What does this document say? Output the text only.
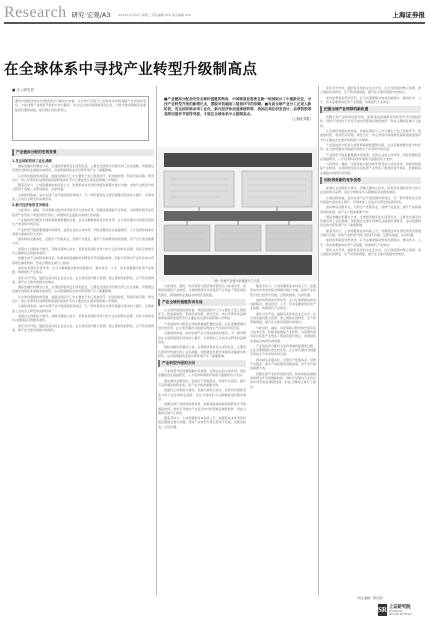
Research 研究·宏观/A3	2012年4月24日 星期二 责任编辑 XXX 美术编辑 XXX	上海证券报
在全球体系中寻找产业转型升级制高点
■ 文 / 研究员

要把中国经济放在世界经济的大格局中来看，从全球产业链分工的视角来审视我国产业结构的变化，才能找准产业转型升级的方向与路径。本文从全球价值链的演变出发，分析当前我国制造业面临的机遇和挑战，提出相应的政策建议。

■产业链再分配会改变全球价值链的格局，中国制造业需要在新一轮国际分工中重新定位，寻找产业转型升级的新增长点，摆脱对低端加工组装环节的依赖。■当前全球产业分工正进入新阶段，发达国家推动再工业化，新兴经济体加速承接转移，我国必须在研发设计、品牌营销等高附加值环节取得突破，才能在全球体系中占据制高点。

（上海证券报）

产业链再分配的宏观背景
1.发达国家的再工业化战略

国际金融危机爆发以来，全球经济格局发生深刻变化，主要发达国家纷纷提出再工业化战略，试图通过发展先进制造业重振实体经济，这对我国制造业的外部环境产生了重要影响。

从全球价值链的角度看，我国在国际分工中主要处于加工组装环节，附加值较低，利润空间有限。研发设计、核心零部件和品牌营销等高附加值环节仍主要由发达国家的跨国公司掌控。

随着劳动力、土地等要素成本持续上升，依靠低成本优势的传统发展模式难以为继，加快产业转型升级已经刻不容缓，这既是挑战，也是机遇。

从国际经验看，成功实现产业升级的国家和地区，无一例外都是在全球价值链中逐步向上攀升，从简单加工走向自主研发和品牌创造。

2.新兴经济体的竞争格局

与此同时，越南、印度等新兴经济体凭借劳动力成本优势，积极承接国际产业转移，对我国传统劳动密集型产业形成了明显的替代效应，我国制造业面临双向挤压的局面。

产业链的再分配是全球资源重新配置的过程，企业需要根据自身比较优势，在全球范围内寻找最有利的生产布局和市场空间。

产业转型升级需要遵循市场规律，发挥企业的主体作用，同时需要政府在基础研究、人才培养和制度环境等方面提供有力支持。

推动制造业服务化，发展生产性服务业，延伸产业链条，提升产品和服务的附加值，是产业升级的重要方向。

加强自主创新能力建设，突破关键核心技术，培育具有国际竞争力的大企业和知名品牌，是在全球体系中占据制高点的根本途径。

把握全球产业转移的新趋势，积极承接高端制造和研发环节的国际转移，同时引导国内产业有序向中西部地区梯度转移，形成合理的区域分工格局。

加快培育新的竞争优势，应当从要素驱动转向创新驱动，推动技术、人才、资本等要素向优势产业集聚，构建现代产业体系。

深化对外开放，鼓励有条件的企业走出去，在全球范围内整合资源，建立国际化的研发、生产和营销网络，提升在全球价值链中的地位。

国际金融危机爆发以来，全球经济格局发生深刻变化，主要发达国家纷纷提出再工业化战略，试图通过发展先进制造业重振实体经济，这对我国制造业的外部环境产生了重要影响。

从全球价值链的角度看，我国在国际分工中主要处于加工组装环节，附加值较低，利润空间有限。研发设计、核心零部件和品牌营销等高附加值环节仍主要由发达国家的跨国公司掌控。

从国际经验看，成功实现产业升级的国家和地区，无一例外都是在全球价值链中逐步向上攀升，从简单加工走向自主研发和品牌创造。

加强自主创新能力建设，突破关键核心技术，培育具有国际竞争力的大企业和知名品牌，是在全球体系中占据制高点的根本途径。

深化对外开放，鼓励有条件的企业走出去，在全球范围内整合资源，建立国际化的研发、生产和营销网络，提升在全球价值链中的地位。

图：全球产业链与价值链分工示意

与此同时，越南、印度等新兴经济体凭借劳动力成本优势，积极承接国际产业转移，对我国传统劳动密集型产业形成了明显的替代效应，我国制造业面临双向挤压的局面。

产业全球价值链的再布局

从全球价值链的角度看，我国在国际分工中主要处于加工组装环节，附加值较低，利润空间有限。研发设计、核心零部件和品牌营销等高附加值环节仍主要由发达国家的跨国公司掌控。

产业链的再分配是全球资源重新配置的过程，企业需要根据自身比较优势，在全球范围内寻找最有利的生产布局和市场空间。

从国际经验看，成功实现产业升级的国家和地区，无一例外都是在全球价值链中逐步向上攀升，从简单加工走向自主研发和品牌创造。

国际金融危机爆发以来，全球经济格局发生深刻变化，主要发达国家纷纷提出再工业化战略，试图通过发展先进制造业重振实体经济，这对我国制造业的外部环境产生了重要影响。

产业转型升级的方向

产业转型升级需要遵循市场规律，发挥企业的主体作用，同时需要政府在基础研究、人才培养和制度环境等方面提供有力支持。

推动制造业服务化，发展生产性服务业，延伸产业链条，提升产品和服务的附加值，是产业升级的重要方向。

加强自主创新能力建设，突破关键核心技术，培育具有国际竞争力的大企业和知名品牌，是在全球体系中占据制高点的根本途径。

把握全球产业转移的新趋势，积极承接高端制造和研发环节的国际转移，同时引导国内产业有序向中西部地区梯度转移，形成合理的区域分工格局。

随着劳动力、土地等要素成本持续上升，依靠低成本优势的传统发展模式难以为继，加快产业转型升级已经刻不容缓，这既是挑战，也是机遇。

随着劳动力、土地等要素成本持续上升，依靠低成本优势的传统发展模式难以为继，加快产业转型升级已经刻不容缓，这既是挑战，也是机遇。

加快培育新的竞争优势，应当从要素驱动转向创新驱动，推动技术、人才、资本等要素向优势产业集聚，构建现代产业体系。

深化对外开放，鼓励有条件的企业走出去，在全球范围内整合资源，建立国际化的研发、生产和营销网络，提升在全球价值链中的地位。

与此同时，越南、印度等新兴经济体凭借劳动力成本优势，积极承接国际产业转移，对我国传统劳动密集型产业形成了明显的替代效应，我国制造业面临双向挤压的局面。

产业链的再分配是全球资源重新配置的过程，企业需要根据自身比较优势，在全球范围内寻找最有利的生产布局和市场空间。

推动制造业服务化，发展生产性服务业，延伸产业链条，提升产品和服务的附加值，是产业升级的重要方向。

把握全球产业转移的新趋势，积极承接高端制造和研发环节的国际转移，同时引导国内产业有序向中西部地区梯度转移，形成合理的区域分工格局。

深化对外开放，鼓励有条件的企业走出去，在全球范围内整合资源，建立国际化的研发、生产和营销网络，提升在全球价值链中的地位。

加快培育新的竞争优势，应当从要素驱动转向创新驱动，推动技术、人才、资本等要素向优势产业集聚，构建现代产业体系。

把握全球产业转移的新机遇

把握全球产业转移的新趋势，积极承接高端制造和研发环节的国际转移，同时引导国内产业有序向中西部地区梯度转移，形成合理的区域分工格局。

从全球价值链的角度看，我国在国际分工中主要处于加工组装环节，附加值较低，利润空间有限。研发设计、核心零部件和品牌营销等高附加值环节仍主要由发达国家的跨国公司掌控。

产业链的再分配是全球资源重新配置的过程，企业需要根据自身比较优势，在全球范围内寻找最有利的生产布局和市场空间。

产业转型升级需要遵循市场规律，发挥企业的主体作用，同时需要政府在基础研究、人才培养和制度环境等方面提供有力支持。

与此同时，越南、印度等新兴经济体凭借劳动力成本优势，积极承接国际产业转移，对我国传统劳动密集型产业形成了明显的替代效应，我国制造业面临双向挤压的局面。

加快培育新的竞争优势

加强自主创新能力建设，突破关键核心技术，培育具有国际竞争力的大企业和知名品牌，是在全球体系中占据制高点的根本途径。

从国际经验看，成功实现产业升级的国家和地区，无一例外都是在全球价值链中逐步向上攀升，从简单加工走向自主研发和品牌创造。

推动制造业服务化，发展生产性服务业，延伸产业链条，提升产品和服务的附加值，是产业升级的重要方向。

国际金融危机爆发以来，全球经济格局发生深刻变化，主要发达国家纷纷提出再工业化战略，试图通过发展先进制造业重振实体经济，这对我国制造业的外部环境产生了重要影响。

随着劳动力、土地等要素成本持续上升，依靠低成本优势的传统发展模式难以为继，加快产业转型升级已经刻不容缓，这既是挑战，也是机遇。

加快培育新的竞争优势，应当从要素驱动转向创新驱动，推动技术、人才、资本等要素向优势产业集聚，构建现代产业体系。

深化对外开放，鼓励有条件的企业走出去，在全球范围内整合资源，建立国际化的研发、生产和营销网络，提升在全球价值链中的地位。

（责任编辑：研究部）
SR 上证研究院
SHANGHAI SECURITIES NEWS
